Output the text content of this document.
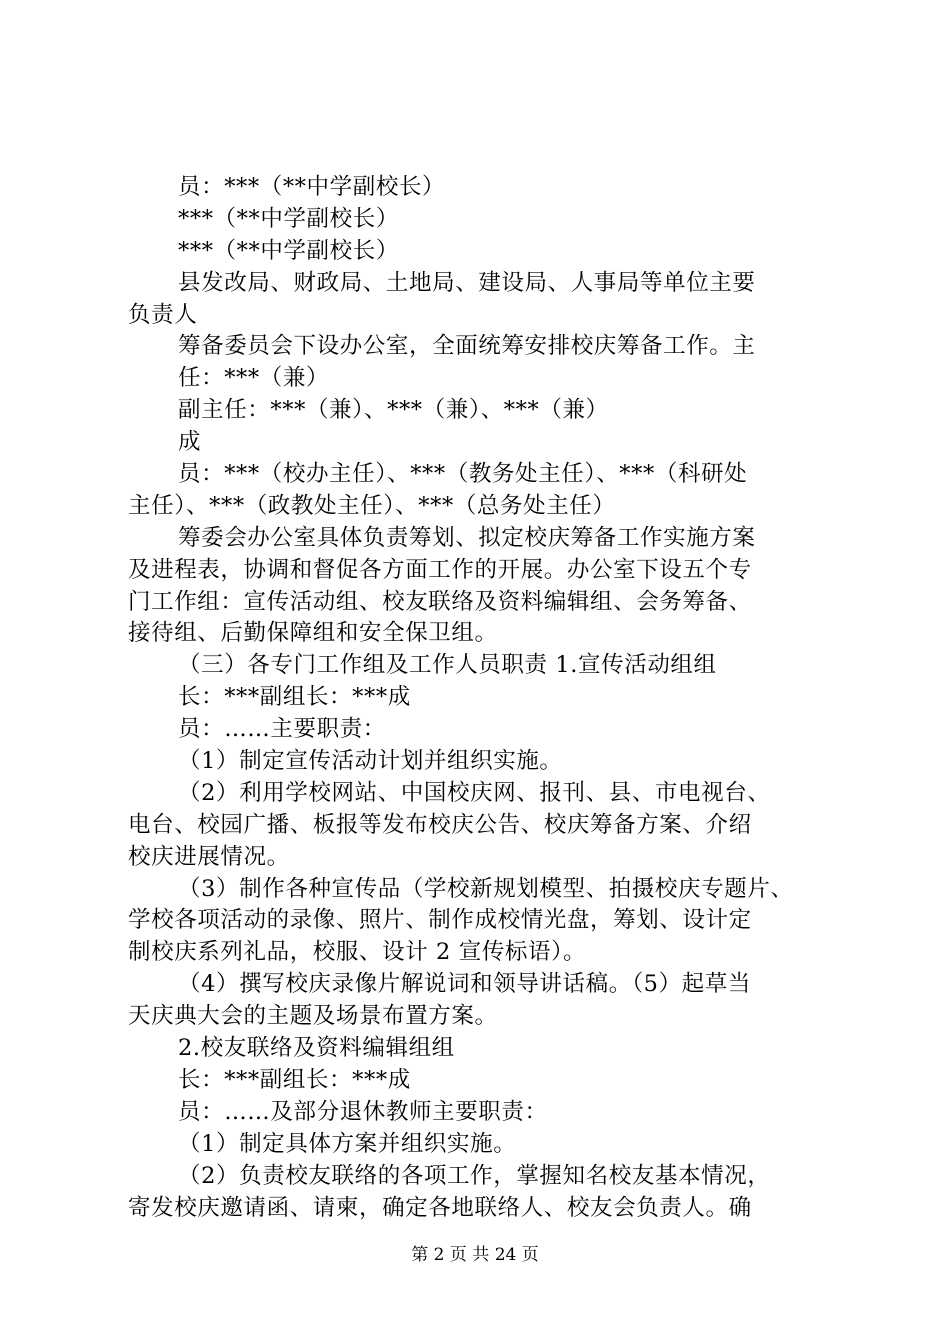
员：***（**中学副校长）
***（**中学副校长）
***（**中学副校长）
县发改局、财政局、土地局、建设局、人事局等单位主要
负责人
筹备委员会下设办公室，全面统筹安排校庆筹备工作。主
任：***（兼）
副主任：***（兼）、***（兼）、***（兼）
成
员：***（校办主任）、***（教务处主任）、***（科研处
主任）、***（政教处主任）、***（总务处主任）
筹委会办公室具体负责筹划、拟定校庆筹备工作实施方案
及进程表，协调和督促各方面工作的开展。办公室下设五个专
门工作组：宣传活动组、校友联络及资料编辑组、会务筹备、
接待组、后勤保障组和安全保卫组。
（三）各专门工作组及工作人员职责 1.宣传活动组组
长：***副组长：***成
员：……主要职责：
（1）制定宣传活动计划并组织实施。
（2）利用学校网站、中国校庆网、报刊、县、市电视台、
电台、校园广播、板报等发布校庆公告、校庆筹备方案、介绍
校庆进展情况。
（3）制作各种宣传品（学校新规划模型、拍摄校庆专题片、
学校各项活动的录像、照片、制作成校情光盘，筹划、设计定
制校庆系列礼品，校服、设计 2 宣传标语）。
（4）撰写校庆录像片解说词和领导讲话稿。（5）起草当
天庆典大会的主题及场景布置方案。
2.校友联络及资料编辑组组
长：***副组长：***成
员：……及部分退休教师主要职责：
（1）制定具体方案并组织实施。
（2）负责校友联络的各项工作，掌握知名校友基本情况，
寄发校庆邀请函、请柬，确定各地联络人、校友会负责人。确
第 2 页 共 24 页
